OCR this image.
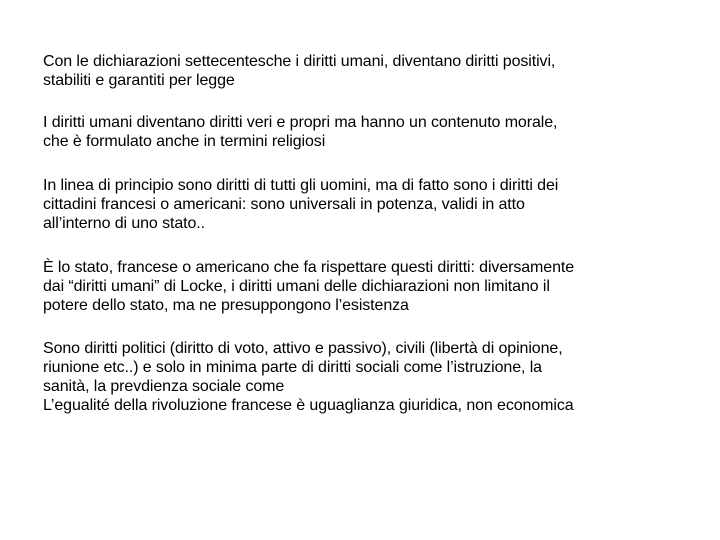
Con le dichiarazioni settecentesche i diritti umani, diventano diritti positivi,
stabiliti e garantiti per legge

I diritti umani diventano diritti veri e propri ma hanno un contenuto morale,
che è formulato anche in termini religiosi

In linea di principio sono diritti di tutti gli uomini, ma di fatto sono i diritti dei
cittadini francesi o americani: sono universali in potenza, validi in atto
all’interno di uno stato..

È lo stato, francese o americano che fa rispettare questi diritti: diversamente
dai “diritti umani” di Locke, i diritti umani delle dichiarazioni non limitano il
potere dello stato, ma ne presuppongono l’esistenza

Sono diritti politici (diritto di voto, attivo e passivo), civili (libertà di opinione,
riunione etc..) e solo in minima parte di diritti sociali come l’istruzione, la
sanità, la prevdienza sociale come
L’egualité della rivoluzione francese è uguaglianza giuridica, non economica
